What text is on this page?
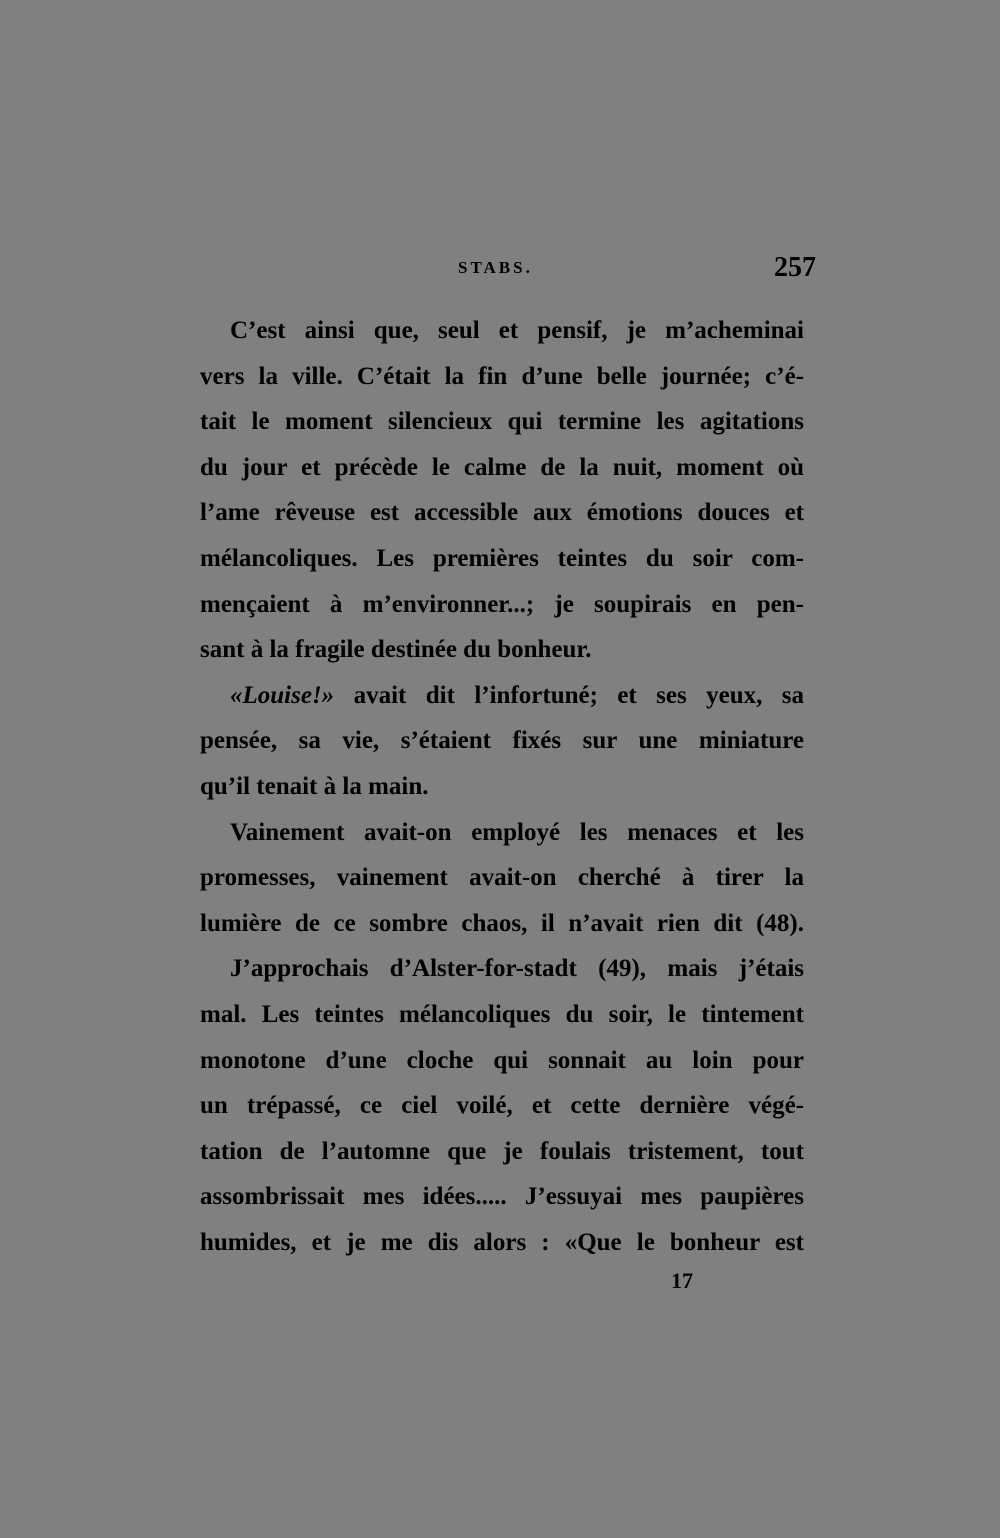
STABS.	257
C’est ainsi que, seul et pensif, je m’acheminai
vers la ville. C’était la fin d’une belle journée; c’é-
tait le moment silencieux qui termine les agitations
du jour et précède le calme de la nuit, moment où
l’ame rêveuse est accessible aux émotions douces et
mélancoliques. Les premières teintes du soir com-
mençaient à m’environner...; je soupirais en pen-
sant à la fragile destinée du bonheur.
«Louise!» avait dit l’infortuné; et ses yeux, sa
pensée, sa vie, s’étaient fixés sur une miniature
qu’il tenait à la main.
Vainement avait-on employé les menaces et les
promesses, vainement avait-on cherché à tirer la
lumière de ce sombre chaos, il n’avait rien dit (48).
J’approchais d’Alster-for-stadt (49), mais j’étais
mal. Les teintes mélancoliques du soir, le tintement
monotone d’une cloche qui sonnait au loin pour
un trépassé, ce ciel voilé, et cette dernière végé-
tation de l’automne que je foulais tristement, tout
assombrissait mes idées..... J’essuyai mes paupières
humides, et je me dis alors : «Que le bonheur est
17
